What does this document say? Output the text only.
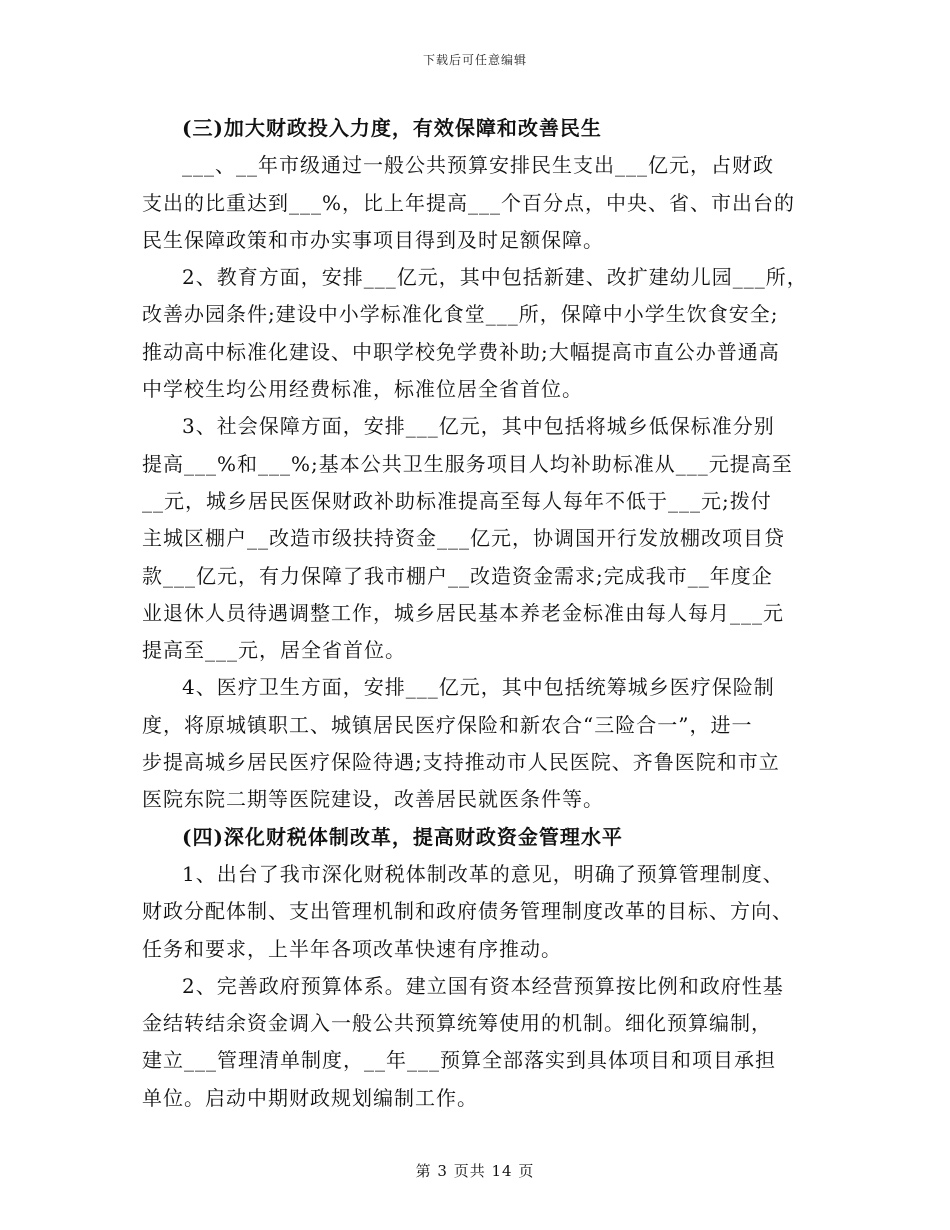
下载后可任意编辑
(三)加大财政投入力度，有效保障和改善民生
___、__年市级通过一般公共预算安排民生支出___亿元，占财政
支出的比重达到___%，比上年提高___个百分点，中央、省、市出台的
民生保障政策和市办实事项目得到及时足额保障。
2、教育方面，安排___亿元，其中包括新建、改扩建幼儿园___所，
改善办园条件;建设中小学标准化食堂___所，保障中小学生饮食安全;
推动高中标准化建设、中职学校免学费补助;大幅提高市直公办普通高
中学校生均公用经费标准，标准位居全省首位。
3、社会保障方面，安排___亿元，其中包括将城乡低保标准分别
提高___%和___%;基本公共卫生服务项目人均补助标准从___元提高至
__元，城乡居民医保财政补助标准提高至每人每年不低于___元;拨付
主城区棚户__改造市级扶持资金___亿元，协调国开行发放棚改项目贷
款___亿元，有力保障了我市棚户__改造资金需求;完成我市__年度企
业退休人员待遇调整工作，城乡居民基本养老金标准由每人每月___元
提高至___元，居全省首位。
4、医疗卫生方面，安排___亿元，其中包括统筹城乡医疗保险制
度，将原城镇职工、城镇居民医疗保险和新农合“三险合一”，进一
步提高城乡居民医疗保险待遇;支持推动市人民医院、齐鲁医院和市立
医院东院二期等医院建设，改善居民就医条件等。
(四)深化财税体制改革，提高财政资金管理水平
1、出台了我市深化财税体制改革的意见，明确了预算管理制度、
财政分配体制、支出管理机制和政府债务管理制度改革的目标、方向、
任务和要求，上半年各项改革快速有序推动。
2、完善政府预算体系。建立国有资本经营预算按比例和政府性基
金结转结余资金调入一般公共预算统筹使用的机制。细化预算编制，
建立___管理清单制度，__年___预算全部落实到具体项目和项目承担
单位。启动中期财政规划编制工作。
第 3 页共 14 页
